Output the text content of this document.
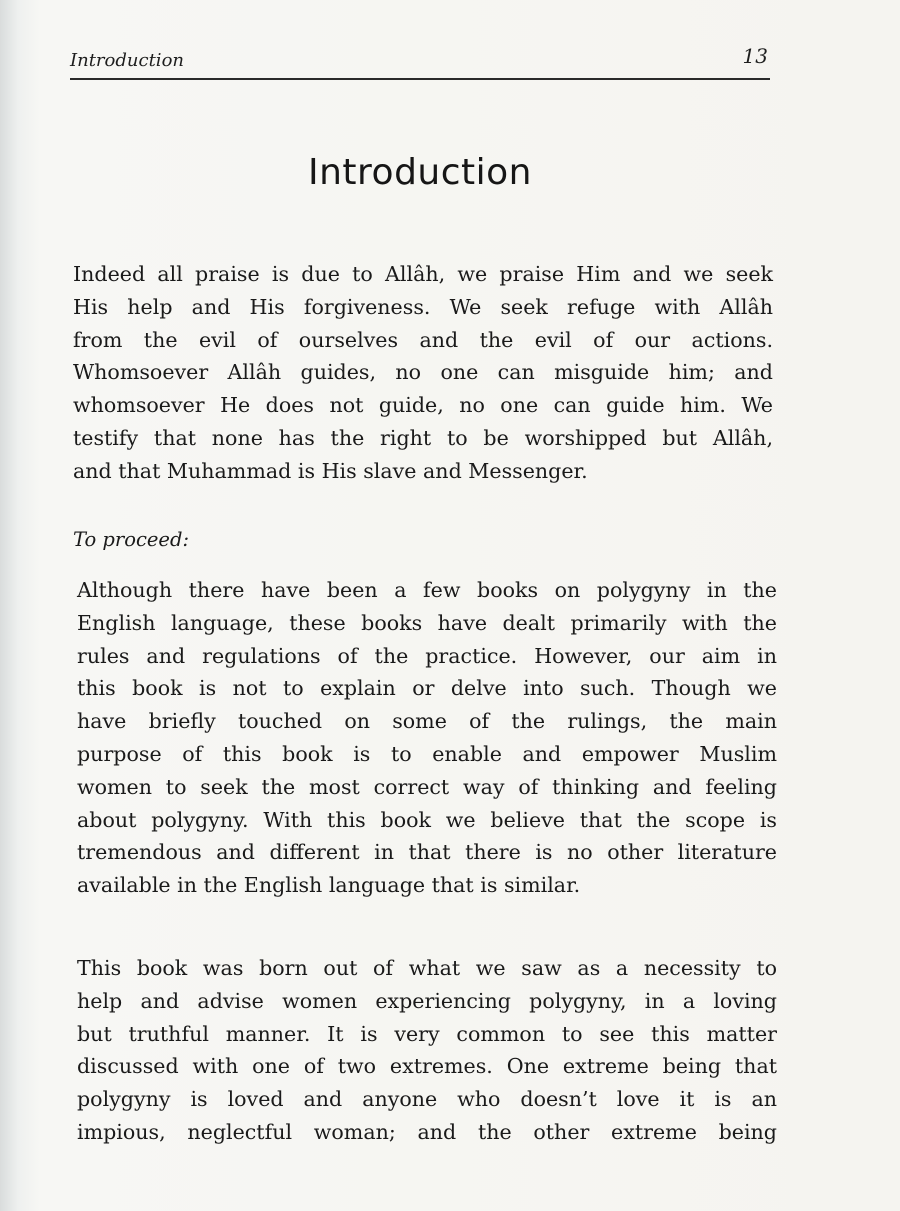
Introduction	13
Introduction
Indeed all praise is due to Allâh, we praise Him and we seek
His help and His forgiveness. We seek refuge with Allâh
from the evil of ourselves and the evil of our actions.
Whomsoever Allâh guides, no one can misguide him; and
whomsoever He does not guide, no one can guide him. We
testify that none has the right to be worshipped but Allâh,
and that Muhammad is His slave and Messenger.
To proceed:
Although there have been a few books on polygyny in the
English language, these books have dealt primarily with the
rules and regulations of the practice. However, our aim in
this book is not to explain or delve into such. Though we
have briefly touched on some of the rulings, the main
purpose of this book is to enable and empower Muslim
women to seek the most correct way of thinking and feeling
about polygyny. With this book we believe that the scope is
tremendous and different in that there is no other literature
available in the English language that is similar.
This book was born out of what we saw as a necessity to
help and advise women experiencing polygyny, in a loving
but truthful manner. It is very common to see this matter
discussed with one of two extremes. One extreme being that
polygyny is loved and anyone who doesn’t love it is an
impious, neglectful woman; and the other extreme being
